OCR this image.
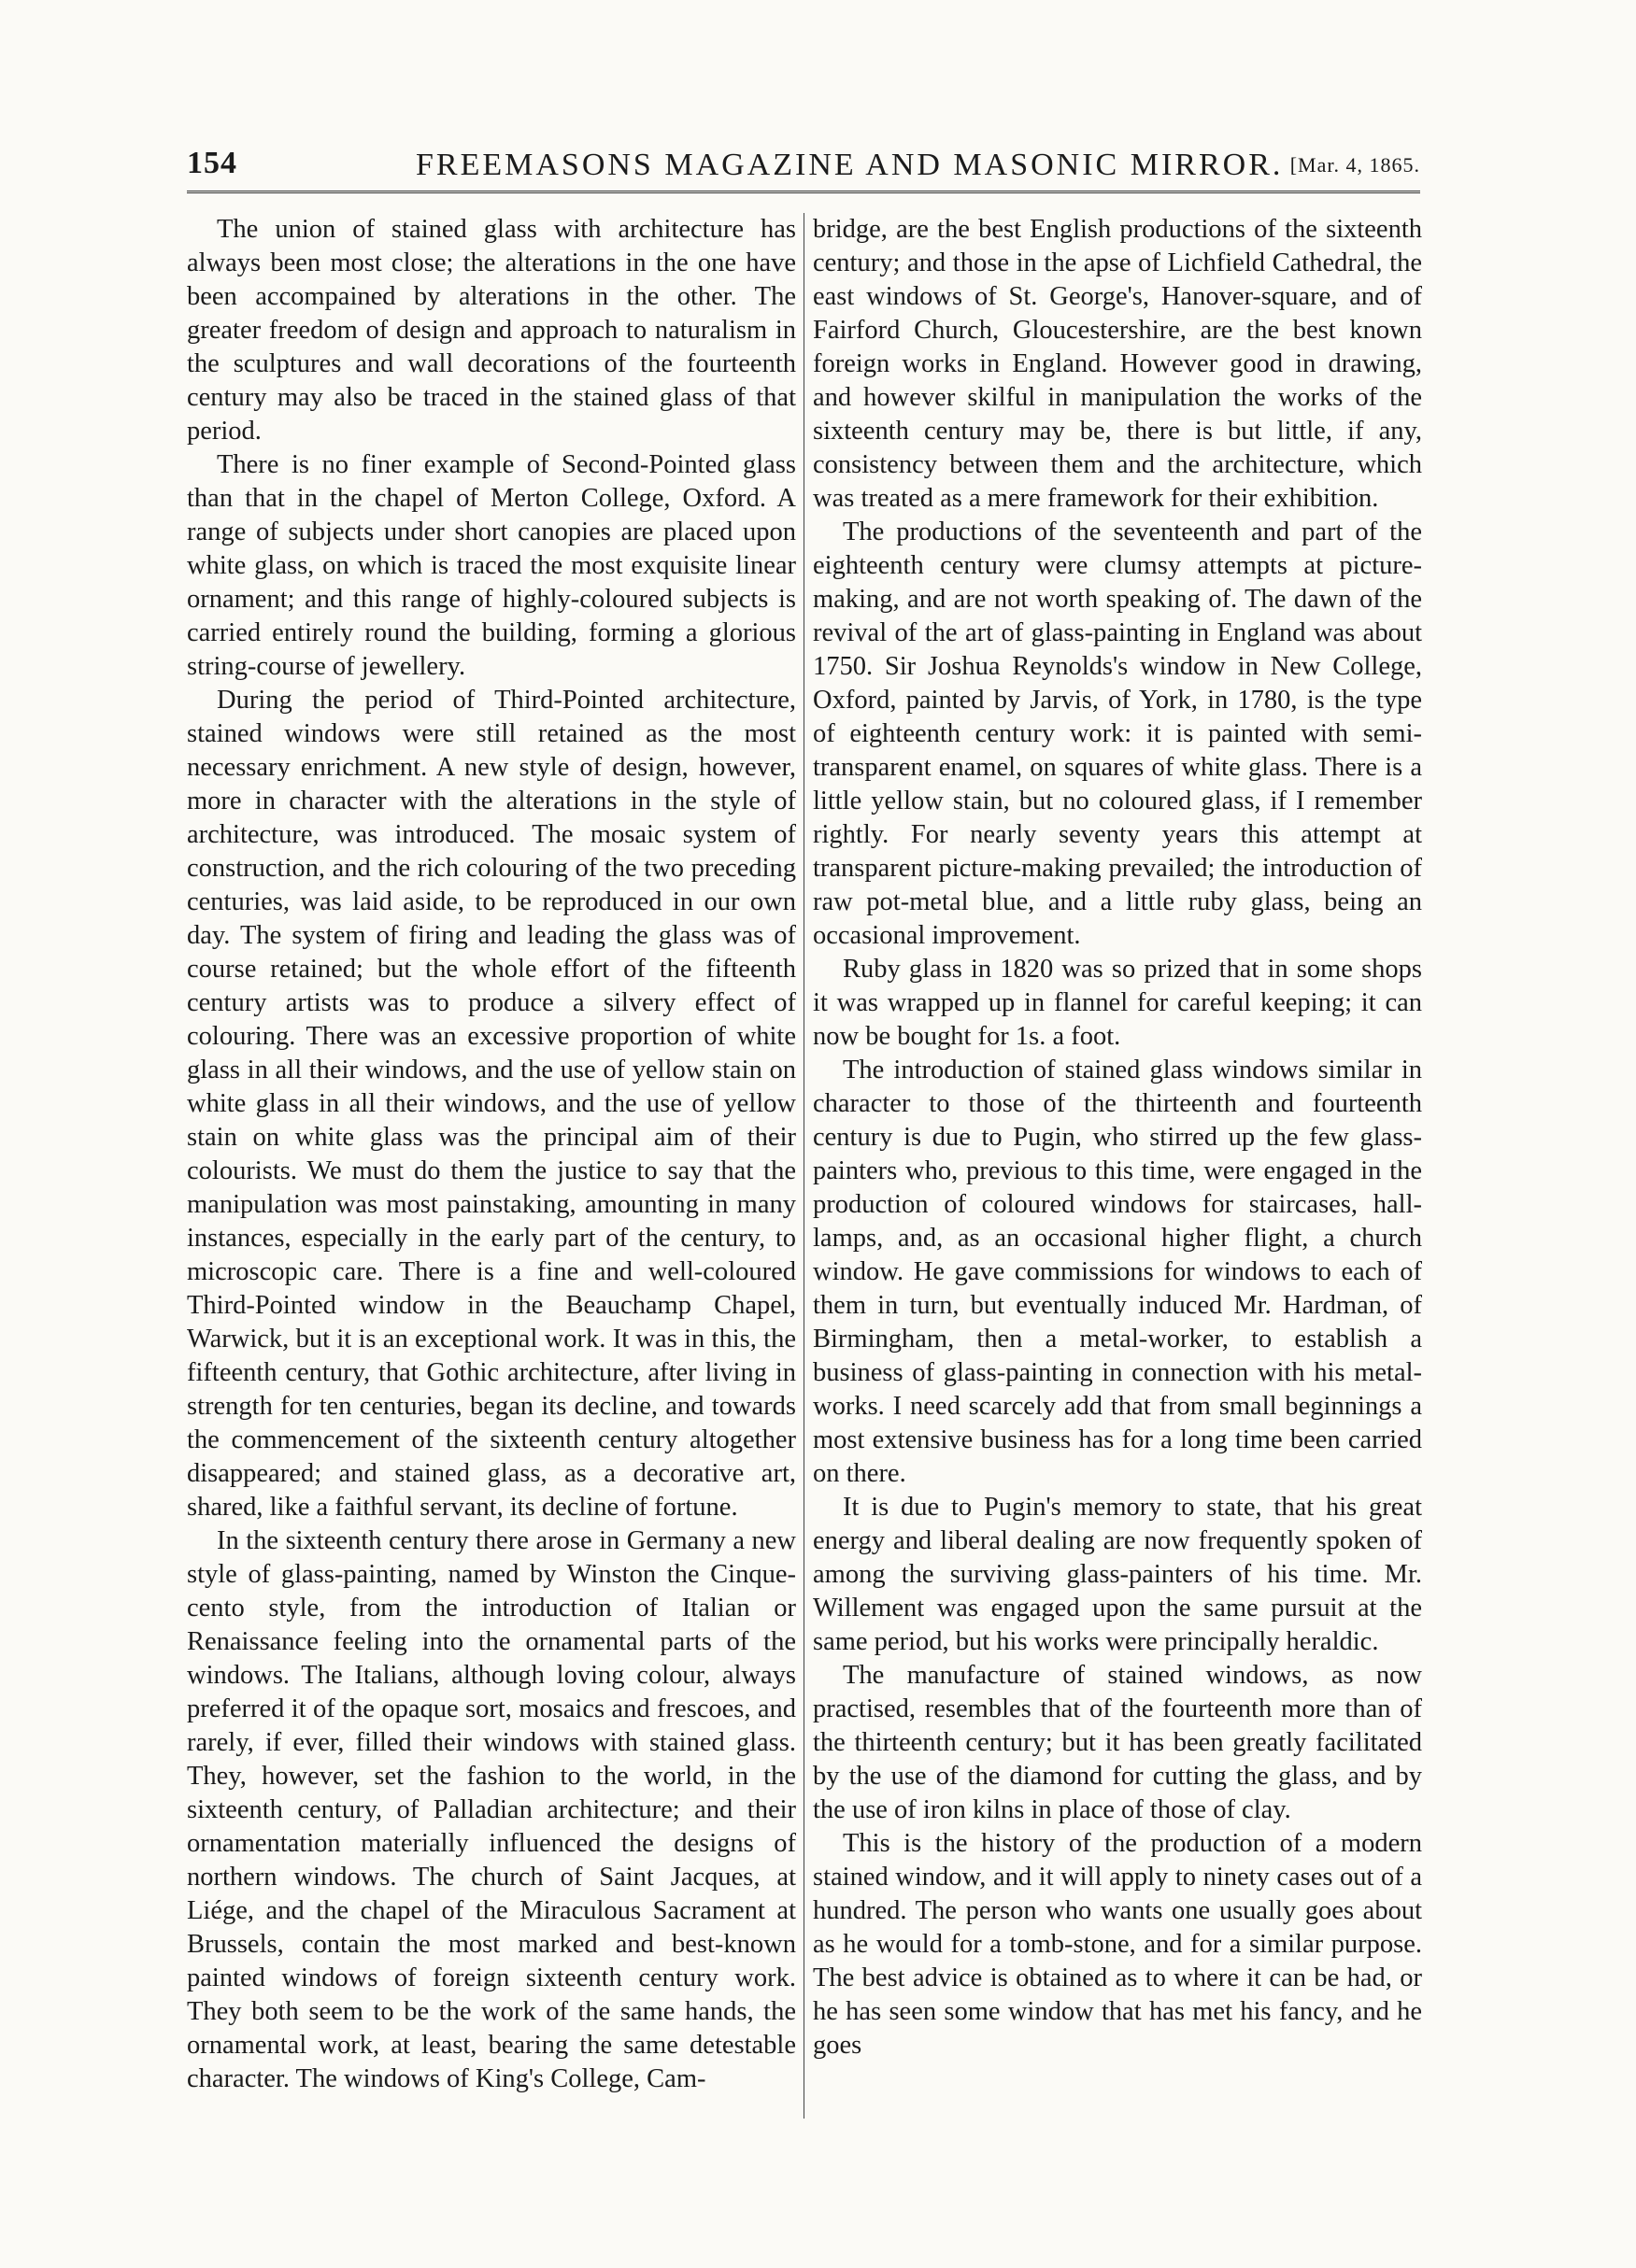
154	FREEMASONS MAGAZINE AND MASONIC MIRROR. [Mar. 4, 1865.

The union of stained glass with architecture has always been most close; the alterations in the one have been accompained by alterations in the other. The greater freedom of design and approach to naturalism in the sculptures and wall decorations of the fourteenth century may also be traced in the stained glass of that period.

There is no finer example of Second-Pointed glass than that in the chapel of Merton College, Oxford. A range of subjects under short canopies are placed upon white glass, on which is traced the most exquisite linear ornament; and this range of highly-coloured subjects is carried entirely round the building, forming a glorious string-course of jewellery.

During the period of Third-Pointed architecture, stained windows were still retained as the most necessary enrichment. A new style of design, however, more in character with the alterations in the style of architecture, was introduced. The mosaic system of construction, and the rich colouring of the two preceding centuries, was laid aside, to be reproduced in our own day. The system of firing and leading the glass was of course retained; but the whole effort of the fifteenth century artists was to produce a silvery effect of colouring. There was an excessive proportion of white glass in all their windows, and the use of yellow stain on white glass in all their windows, and the use of yellow stain on white glass was the principal aim of their colourists. We must do them the justice to say that the manipulation was most painstaking, amounting in many instances, especially in the early part of the century, to microscopic care. There is a fine and well-coloured Third-Pointed window in the Beauchamp Chapel, Warwick, but it is an exceptional work. It was in this, the fifteenth century, that Gothic architecture, after living in strength for ten centuries, began its decline, and towards the commencement of the sixteenth century altogether disappeared; and stained glass, as a decorative art, shared, like a faithful servant, its decline of fortune.

In the sixteenth century there arose in Germany a new style of glass-painting, named by Winston the Cinque-cento style, from the introduction of Italian or Renaissance feeling into the ornamental parts of the windows. The Italians, although loving colour, always preferred it of the opaque sort, mosaics and frescoes, and rarely, if ever, filled their windows with stained glass. They, however, set the fashion to the world, in the sixteenth century, of Palladian architecture; and their ornamentation materially influenced the designs of northern windows. The church of Saint Jacques, at Liége, and the chapel of the Miraculous Sacrament at Brussels, contain the most marked and best-known painted windows of foreign sixteenth century work. They both seem to be the work of the same hands, the ornamental work, at least, bearing the same detestable character. The windows of King's College, Cam-

bridge, are the best English productions of the sixteenth century; and those in the apse of Lichfield Cathedral, the east windows of St. George's, Hanover-square, and of Fairford Church, Gloucestershire, are the best known foreign works in England. However good in drawing, and however skilful in manipulation the works of the sixteenth century may be, there is but little, if any, consistency between them and the architecture, which was treated as a mere framework for their exhibition.

The productions of the seventeenth and part of the eighteenth century were clumsy attempts at picture-making, and are not worth speaking of. The dawn of the revival of the art of glass-painting in England was about 1750. Sir Joshua Reynolds's window in New College, Oxford, painted by Jarvis, of York, in 1780, is the type of eighteenth century work: it is painted with semi-transparent enamel, on squares of white glass. There is a little yellow stain, but no coloured glass, if I remember rightly. For nearly seventy years this attempt at transparent picture-making prevailed; the introduction of raw pot-metal blue, and a little ruby glass, being an occasional improvement.

Ruby glass in 1820 was so prized that in some shops it was wrapped up in flannel for careful keeping; it can now be bought for 1s. a foot.

The introduction of stained glass windows similar in character to those of the thirteenth and fourteenth century is due to Pugin, who stirred up the few glass-painters who, previous to this time, were engaged in the production of coloured windows for staircases, hall-lamps, and, as an occasional higher flight, a church window. He gave commissions for windows to each of them in turn, but eventually induced Mr. Hardman, of Birmingham, then a metal-worker, to establish a business of glass-painting in connection with his metal-works. I need scarcely add that from small beginnings a most extensive business has for a long time been carried on there.

It is due to Pugin's memory to state, that his great energy and liberal dealing are now frequently spoken of among the surviving glass-painters of his time. Mr. Willement was engaged upon the same pursuit at the same period, but his works were principally heraldic.

The manufacture of stained windows, as now practised, resembles that of the fourteenth more than of the thirteenth century; but it has been greatly facilitated by the use of the diamond for cutting the glass, and by the use of iron kilns in place of those of clay.

This is the history of the production of a modern stained window, and it will apply to ninety cases out of a hundred. The person who wants one usually goes about as he would for a tomb-stone, and for a similar purpose. The best advice is obtained as to where it can be had, or he has seen some window that has met his fancy, and he goes
